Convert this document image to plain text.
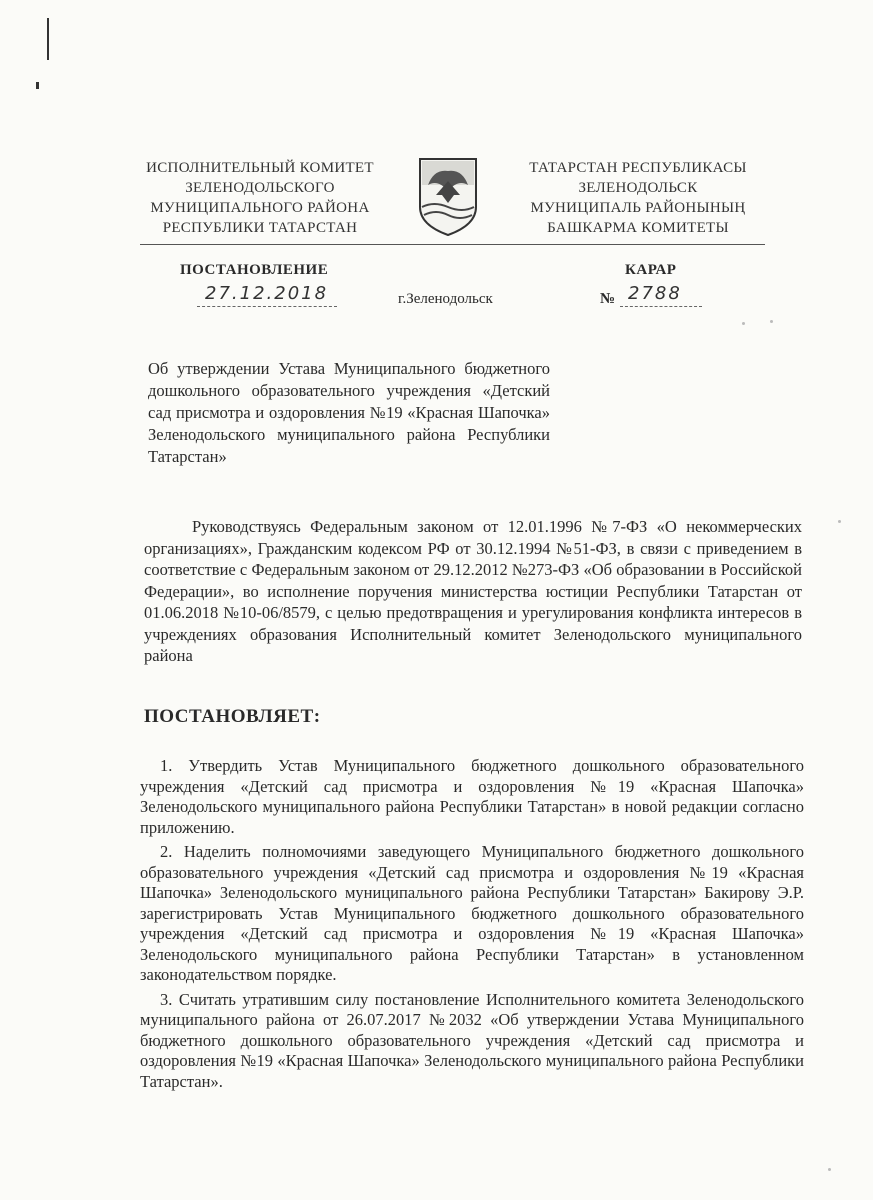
ИСПОЛНИТЕЛЬНЫЙ КОМИТЕТ
ЗЕЛЕНОДОЛЬСКОГО
МУНИЦИПАЛЬНОГО РАЙОНА
РЕСПУБЛИКИ ТАТАРСТАН
ТАТАРСТАН РЕСПУБЛИКАСЫ
ЗЕЛЕНОДОЛЬСК
МУНИЦИПАЛЬ РАЙОНЫНЫҢ
БАШКАРМА КОМИТЕТЫ
ПОСТАНОВЛЕНИЕ	КАРАР
27.12.2018	г.Зеленодольск	№ 2788
Об утверждении Устава Муниципального бюджетного дошкольного образовательного учреждения «Детский сад присмотра и оздоровления №19 «Красная Шапочка» Зеленодольского муниципального района Республики Татарстан»
Руководствуясь Федеральным законом от 12.01.1996 №7-ФЗ «О некоммерческих организациях», Гражданским кодексом РФ от 30.12.1994 №51-ФЗ, в связи с приведением в соответствие с Федеральным законом от 29.12.2012 №273-ФЗ «Об образовании в Российской Федерации», во исполнение поручения министерства юстиции Республики Татарстан от 01.06.2018 №10-06/8579, с целью предотвращения и урегулирования конфликта интересов в учреждениях образования Исполнительный комитет Зеленодольского муниципального района
ПОСТАНОВЛЯЕТ:
1. Утвердить Устав Муниципального бюджетного дошкольного образовательного учреждения «Детский сад присмотра и оздоровления №19 «Красная Шапочка» Зеленодольского муниципального района Республики Татарстан» в новой редакции согласно приложению.
2. Наделить полномочиями заведующего Муниципального бюджетного дошкольного образовательного учреждения «Детский сад присмотра и оздоровления №19 «Красная Шапочка» Зеленодольского муниципального района Республики Татарстан» Бакирову Э.Р. зарегистрировать Устав Муниципального бюджетного дошкольного образовательного учреждения «Детский сад присмотра и оздоровления №19 «Красная Шапочка» Зеленодольского муниципального района Республики Татарстан» в установленном законодательством порядке.
3. Считать утратившим силу постановление Исполнительного комитета Зеленодольского муниципального района от 26.07.2017 №2032 «Об утверждении Устава Муниципального бюджетного дошкольного образовательного учреждения «Детский сад присмотра и оздоровления №19 «Красная Шапочка» Зеленодольского муниципального района Республики Татарстан».
